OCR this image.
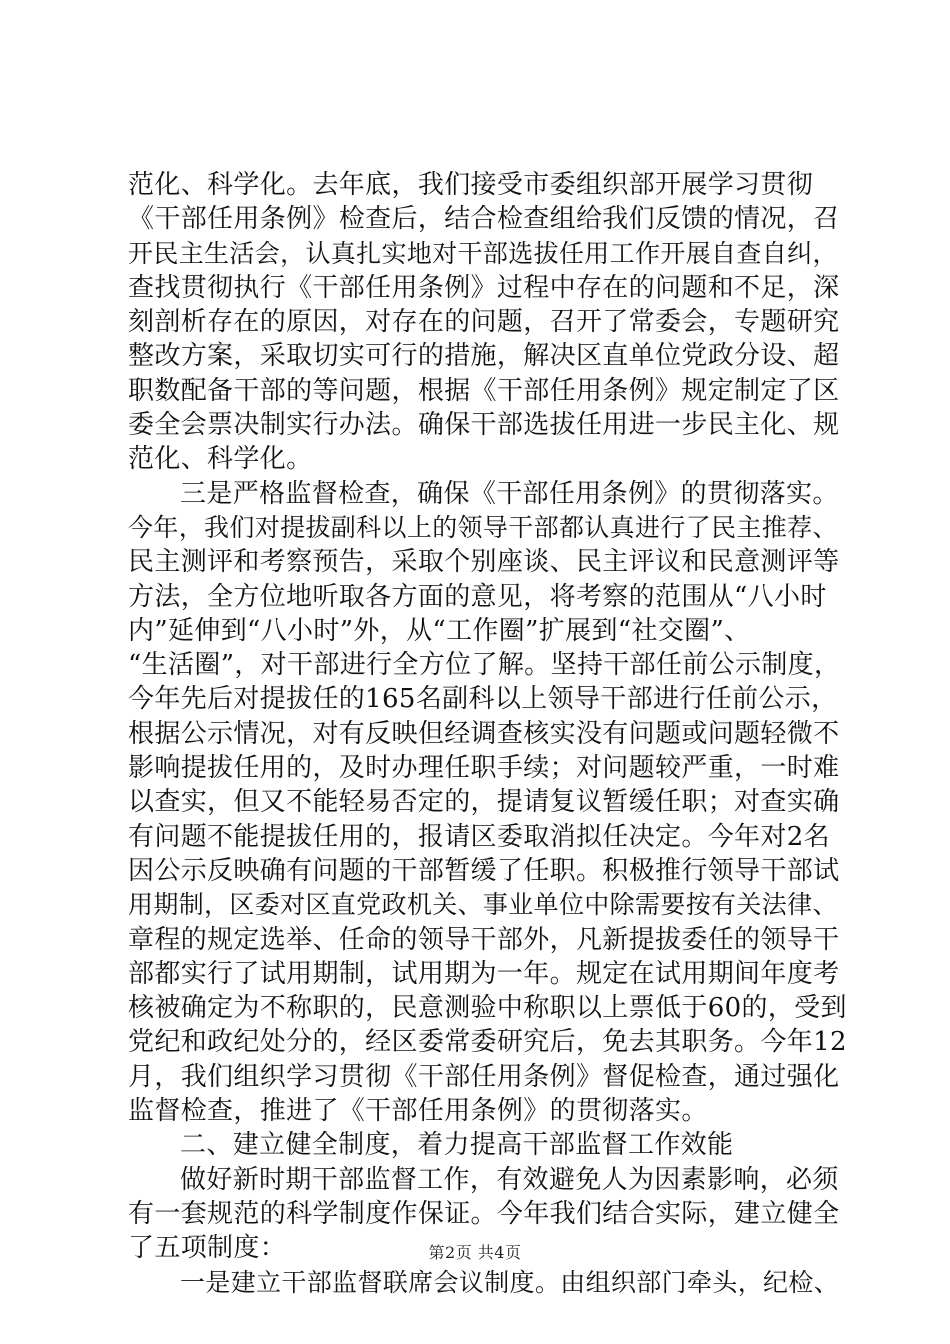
范化、科学化。去年底，我们接受市委组织部开展学习贯彻
《干部任用条例》检查后，结合检查组给我们反馈的情况，召
开民主生活会，认真扎实地对干部选拔任用工作开展自查自纠，
查找贯彻执行《干部任用条例》过程中存在的问题和不足，深
刻剖析存在的原因，对存在的问题，召开了常委会，专题研究
整改方案，采取切实可行的措施，解决区直单位党政分设、超
职数配备干部的等问题，根据《干部任用条例》规定制定了区
委全会票决制实行办法。确保干部选拔任用进一步民主化、规
范化、科学化。
三是严格监督检查，确保《干部任用条例》的贯彻落实。
今年，我们对提拔副科以上的领导干部都认真进行了民主推荐、
民主测评和考察预告，采取个别座谈、民主评议和民意测评等
方法，全方位地听取各方面的意见，将考察的范围从“八小时
内”延伸到“八小时”外，从“工作圈”扩展到“社交圈”、
“生活圈”，对干部进行全方位了解。坚持干部任前公示制度，
今年先后对提拔任的165名副科以上领导干部进行任前公示，
根据公示情况，对有反映但经调查核实没有问题或问题轻微不
影响提拔任用的，及时办理任职手续；对问题较严重，一时难
以查实，但又不能轻易否定的，提请复议暂缓任职；对查实确
有问题不能提拔任用的，报请区委取消拟任决定。今年对2名
因公示反映确有问题的干部暂缓了任职。积极推行领导干部试
用期制，区委对区直党政机关、事业单位中除需要按有关法律、
章程的规定选举、任命的领导干部外，凡新提拔委任的领导干
部都实行了试用期制，试用期为一年。规定在试用期间年度考
核被确定为不称职的，民意测验中称职以上票低于60的，受到
党纪和政纪处分的，经区委常委研究后，免去其职务。今年12
月，我们组织学习贯彻《干部任用条例》督促检查，通过强化
监督检查，推进了《干部任用条例》的贯彻落实。
二、建立健全制度，着力提高干部监督工作效能
做好新时期干部监督工作，有效避免人为因素影响，必须
有一套规范的科学制度作保证。今年我们结合实际，建立健全
了五项制度：
一是建立干部监督联席会议制度。由组织部门牵头，纪检、
第2页 共4页
